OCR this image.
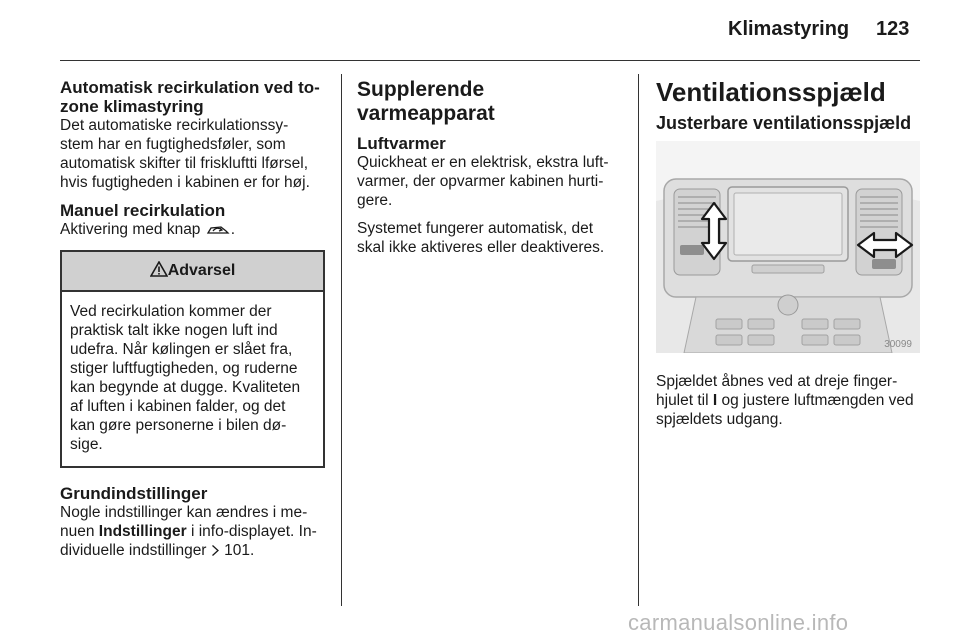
Klimastyring 123

Automatisk recirkulation ved to-
zone klimastyring

Det automatiske recirkulationssy-
stem har en fugtighedsføler, som
automatisk skifter til friskluftti lførsel,
hvis fugtigheden i kabinen er for høj.

Manuel recirkulation

Aktivering med knap .

Advarsel
Ved recirkulation kommer der
praktisk talt ikke nogen luft ind
udefra. Når kølingen er slået fra,
stiger luftfugtigheden, og ruderne
kan begynde at dugge. Kvaliteten
af luften i kabinen falder, og det
kan gøre personerne i bilen dø-
sige.

Grundindstillinger

Nogle indstillinger kan ændres i me-
nuen Indstillinger i info-displayet. In-
dividuelle indstillinger  101.

Supplerende varmeapparat

Luftvarmer

Quickheat er en elektrisk, ekstra luft-
varmer, der opvarmer kabinen hurti-
gere.

Systemet fungerer automatisk, det
skal ikke aktiveres eller deaktiveres.

Ventilationsspjæld

Justerbare ventilationsspjæld

30099

Spjældet åbnes ved at dreje finger-
hjulet til I og justere luftmængden ved
spjældets udgang.

carmanualsonline.info
